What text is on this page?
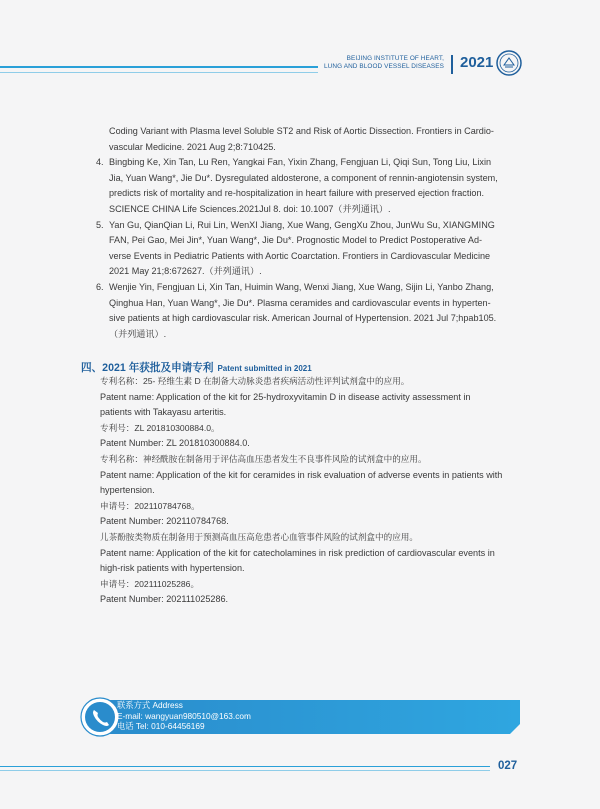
BEIJING INSTITUTE OF HEART,
LUNG AND BLOOD VESSEL DISEASES 2021

Coding Variant with Plasma level Soluble ST2 and Risk of Aortic Dissection. Frontiers in Cardio-

vascular Medicine. 2021 Aug 2;8:710425.

4. Bingbing Ke, Xin Tan, Lu Ren, Yangkai Fan, Yixin Zhang, Fengjuan Li, Qiqi Sun, Tong Liu, Lixin

Jia, Yuan Wang*, Jie Du*. Dysregulated aldosterone, a component of rennin-angiotensin system,

predicts risk of mortality and re-hospitalization in heart failure with preserved ejection fraction.

SCIENCE CHINA Life Sciences.2021Jul 8. doi: 10.1007（并列通讯）.

5. Yan Gu, QianQian Li, Rui Lin, WenXI Jiang, Xue Wang, GengXu Zhou, JunWu Su, XIANGMING

FAN, Pei Gao, Mei Jin*, Yuan Wang*, Jie Du*. Prognostic Model to Predict Postoperative Ad-

verse Events in Pediatric Patients with Aortic Coarctation. Frontiers in Cardiovascular Medicine

2021 May 21;8:672627.（并列通讯）.

6. Wenjie Yin, Fengjuan Li, Xin Tan, Huimin Wang, Wenxi Jiang, Xue Wang, Sijin Li, Yanbo Zhang,

Qinghua Han, Yuan Wang*, Jie Du*. Plasma ceramides and cardiovascular events in hyperten-

sive patients at high cardiovascular risk. American Journal of Hypertension. 2021 Jul 7;hpab105.

（并列通讯）.

四、2021 年获批及申请专利 Patent submitted in 2021

专利名称：25- 羟维生素 D 在制备大动脉炎患者疾病活动性评判试剂盒中的应用。

Patent name: Application of the kit for 25-hydroxyvitamin D in disease activity assessment in

patients with Takayasu arteritis.

专利号：ZL 201810300884.0。

Patent Number: ZL 201810300884.0.

专利名称：神经酰胺在制备用于评估高血压患者发生不良事件风险的试剂盒中的应用。

Patent name: Application of the kit for ceramides in risk evaluation of adverse events in patients with

hypertension.

申请号：202110784768。

Patent Number: 202110784768.

儿茶酚胺类物质在制备用于预测高血压高危患者心血管事件风险的试剂盒中的应用。

Patent name: Application of the kit for catecholamines in risk prediction of cardiovascular events in

high-risk patients with hypertension.

申请号：202111025286。

Patent Number: 202111025286.

联系方式 Address
E-mail: wangyuan980510@163.com
电话 Tel: 010-64456169
027
